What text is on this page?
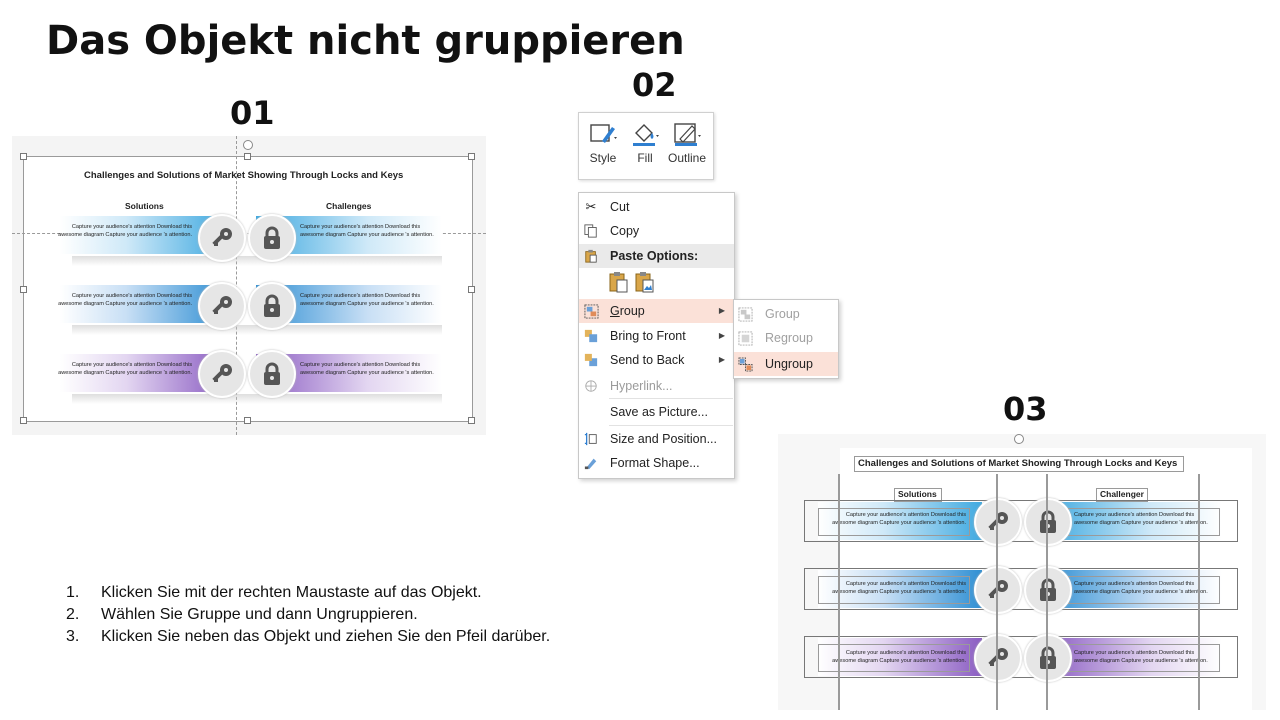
Das Objekt nicht gruppieren
01
02
03
Challenges and Solutions of Market Showing Through Locks and Keys
Solutions	Challenges
Capture your audience's attention Download this awesome diagram Capture your audience 's attention.
Capture your audience's attention Download this awesome diagram Capture your audience 's attention.
Capture your audience's attention Download this awesome diagram Capture your audience 's attention.
Capture your audience's attention Download this awesome diagram Capture your audience 's attention.
Capture your audience's attention Download this awesome diagram Capture your audience 's attention.
Capture your audience's attention Download this awesome diagram Capture your audience 's attention.
Style	Fill	Outline
✂ Cut
Copy
Paste Options:
Group	▶
Bring to Front	▶
Send to Back	▶
Hyperlink...
Save as Picture...
Size and Position...
Format Shape...
Group
Regroup
Ungroup
Challenges and Solutions of Market Showing Through Locks and Keys
Solutions	Challenger
Capture your audience's attention Download this awesome diagram Capture your audience 's attention.
Capture your audience's attention Download this awesome diagram Capture your audience 's attention.
Capture your audience's attention Download this awesome diagram Capture your audience 's attention.
Capture your audience's attention Download this awesome diagram Capture your audience 's attention.
Capture your audience's attention Download this awesome diagram Capture your audience 's attention.
Capture your audience's attention Download this awesome diagram Capture your audience 's attention.
1. Klicken Sie mit der rechten Maustaste auf das Objekt.
2. Wählen Sie Gruppe und dann Ungruppieren.
3. Klicken Sie neben das Objekt und ziehen Sie den Pfeil darüber.
